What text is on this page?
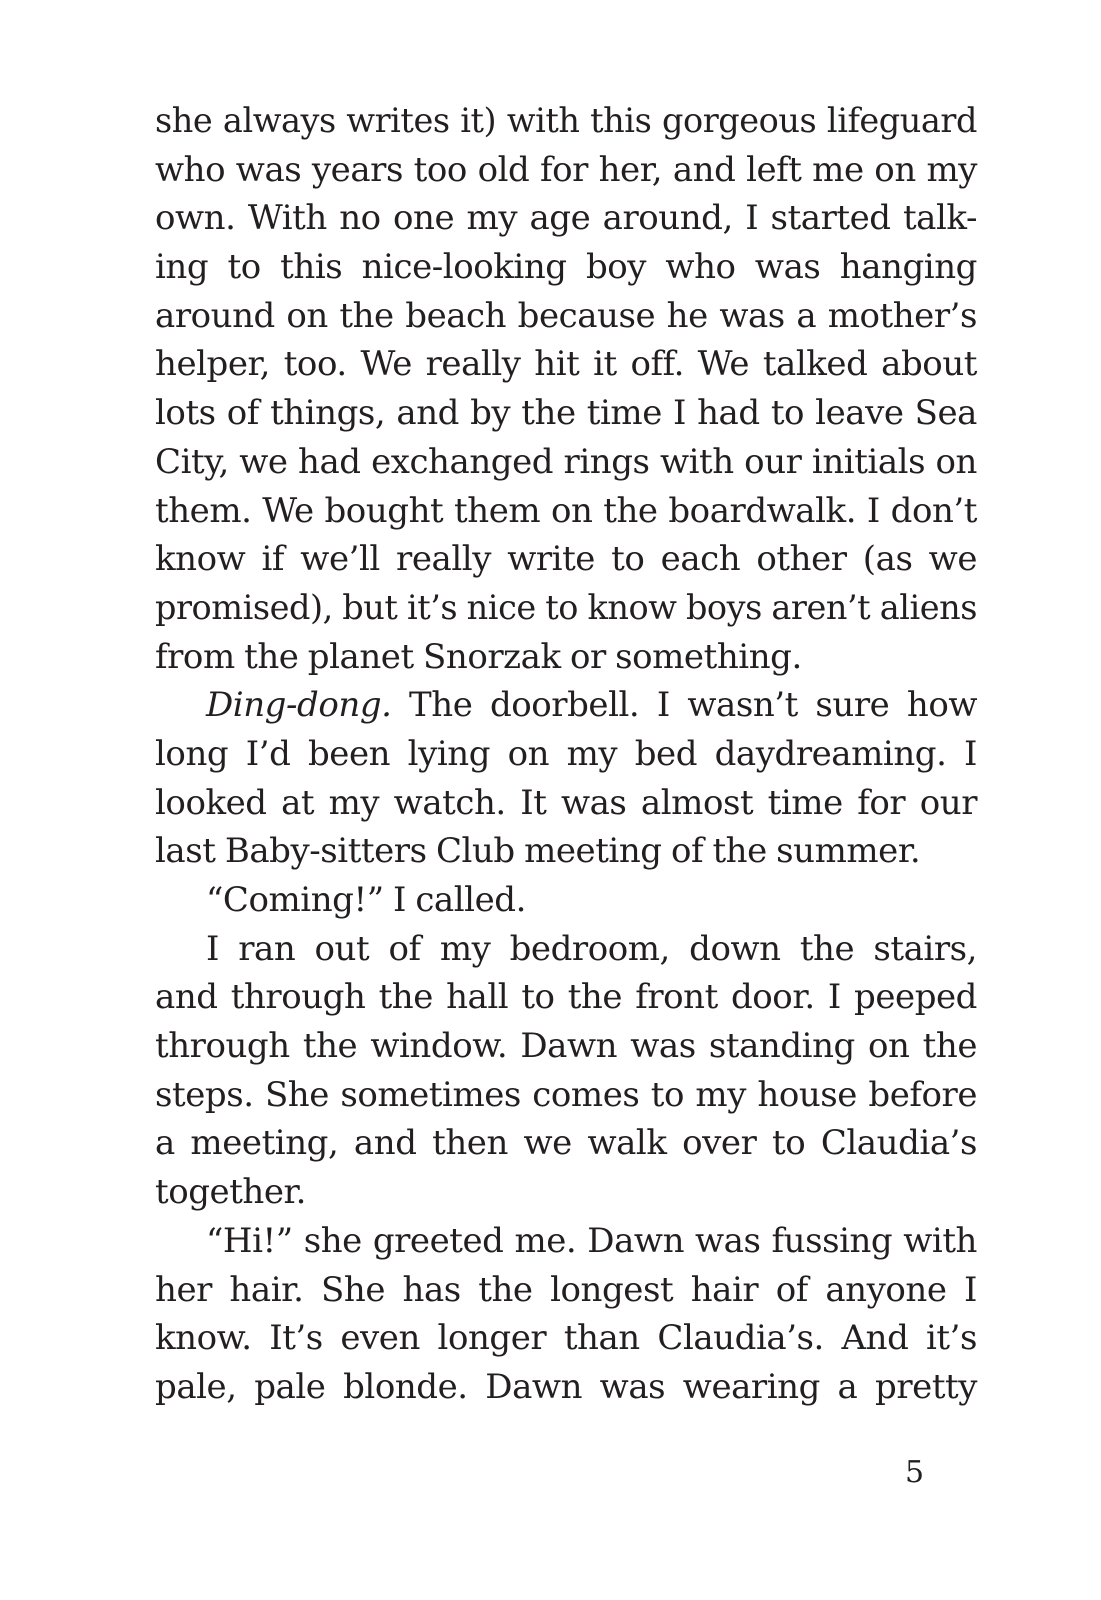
she always writes it) with this gorgeous lifeguard
who was years too old for her, and left me on my
own. With no one my age around, I started talk-
ing to this nice-looking boy who was hanging
around on the beach because he was a mother’s
helper, too. We really hit it off. We talked about
lots of things, and by the time I had to leave Sea
City, we had exchanged rings with our initials on
them. We bought them on the boardwalk. I don’t
know if we’ll really write to each other (as we
promised), but it’s nice to know boys aren’t aliens
from the planet Snorzak or something.
Ding-dong. The doorbell. I wasn’t sure how
long I’d been lying on my bed daydreaming. I
looked at my watch. It was almost time for our
last Baby-sitters Club meeting of the summer.
“Coming!” I called.
I ran out of my bedroom, down the stairs,
and through the hall to the front door. I peeped
through the window. Dawn was standing on the
steps. She sometimes comes to my house before
a meeting, and then we walk over to Claudia’s
together.
“Hi!” she greeted me. Dawn was fussing with
her hair. She has the longest hair of anyone I
know. It’s even longer than Claudia’s. And it’s
pale, pale blonde. Dawn was wearing a pretty
5
